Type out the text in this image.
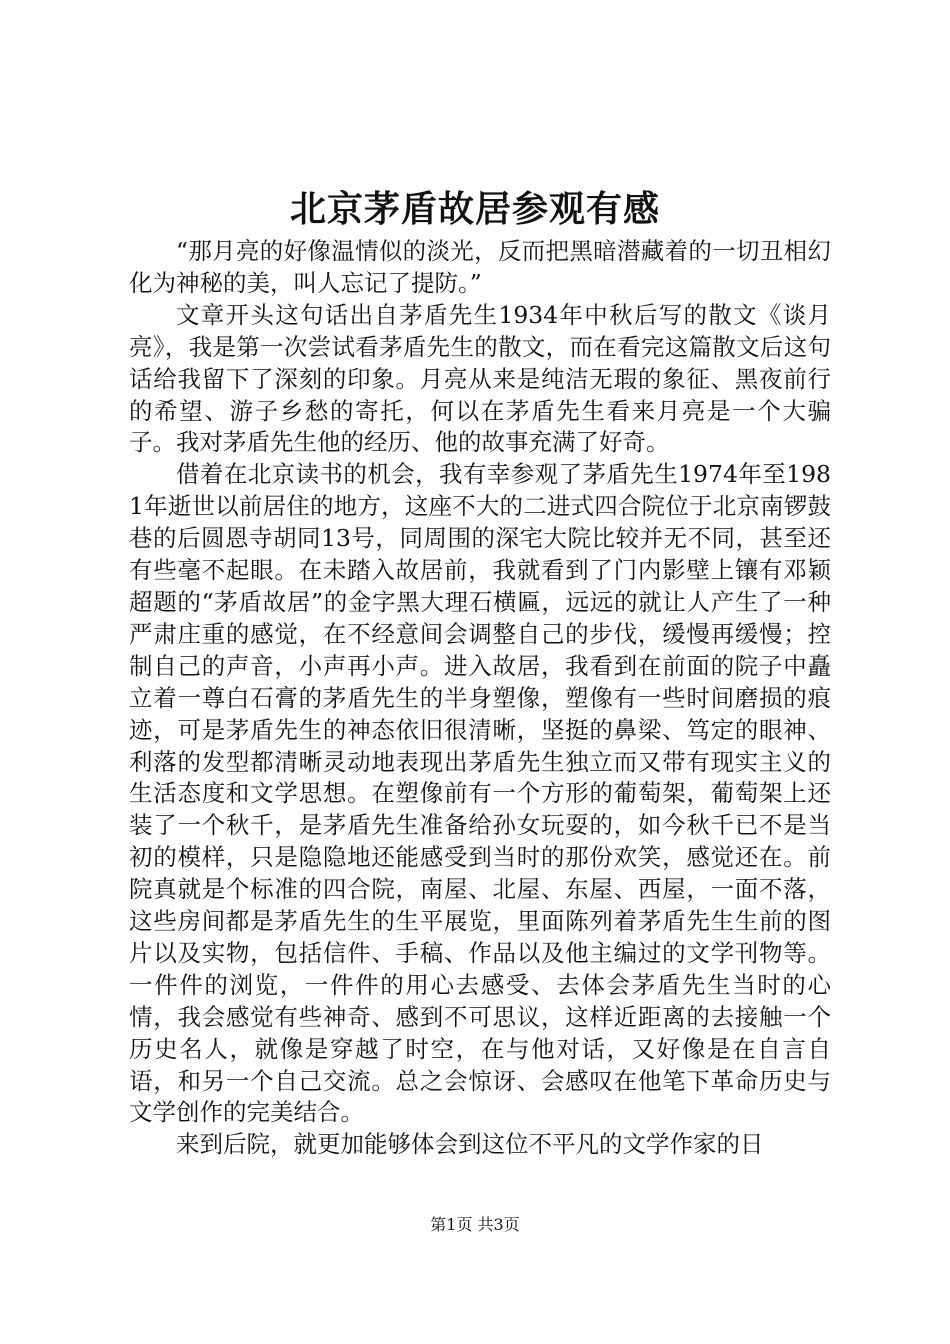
北京茅盾故居参观有感

“那月亮的好像温情似的淡光，反而把黑暗潜藏着的一切丑相幻化为神秘的美，叫人忘记了提防。”

文章开头这句话出自茅盾先生1934年中秋后写的散文《谈月亮》，我是第一次尝试看茅盾先生的散文，而在看完这篇散文后这句话给我留下了深刻的印象。月亮从来是纯洁无瑕的象征、黑夜前行的希望、游子乡愁的寄托，何以在茅盾先生看来月亮是一个大骗子。我对茅盾先生他的经历、他的故事充满了好奇。

借着在北京读书的机会，我有幸参观了茅盾先生1974年至1981年逝世以前居住的地方，这座不大的二进式四合院位于北京南锣鼓巷的后圆恩寺胡同13号，同周围的深宅大院比较并无不同，甚至还有些毫不起眼。在未踏入故居前，我就看到了门内影壁上镶有邓颖超题的“茅盾故居”的金字黑大理石横匾，远远的就让人产生了一种严肃庄重的感觉，在不经意间会调整自己的步伐，缓慢再缓慢；控制自己的声音，小声再小声。进入故居，我看到在前面的院子中矗立着一尊白石膏的茅盾先生的半身塑像，塑像有一些时间磨损的痕迹，可是茅盾先生的神态依旧很清晰，坚挺的鼻梁、笃定的眼神、利落的发型都清晰灵动地表现出茅盾先生独立而又带有现实主义的生活态度和文学思想。在塑像前有一个方形的葡萄架，葡萄架上还装了一个秋千，是茅盾先生准备给孙女玩耍的，如今秋千已不是当初的模样，只是隐隐地还能感受到当时的那份欢笑，感觉还在。前院真就是个标准的四合院，南屋、北屋、东屋、西屋，一面不落，这些房间都是茅盾先生的生平展览，里面陈列着茅盾先生生前的图片以及实物，包括信件、手稿、作品以及他主编过的文学刊物等。一件件的浏览，一件件的用心去感受、去体会茅盾先生当时的心情，我会感觉有些神奇、感到不可思议，这样近距离的去接触一个历史名人，就像是穿越了时空，在与他对话，又好像是在自言自语，和另一个自己交流。总之会惊讶、会感叹在他笔下革命历史与文学创作的完美结合。

来到后院，就更加能够体会到这位不平凡的文学作家的日

第1页 共3页
